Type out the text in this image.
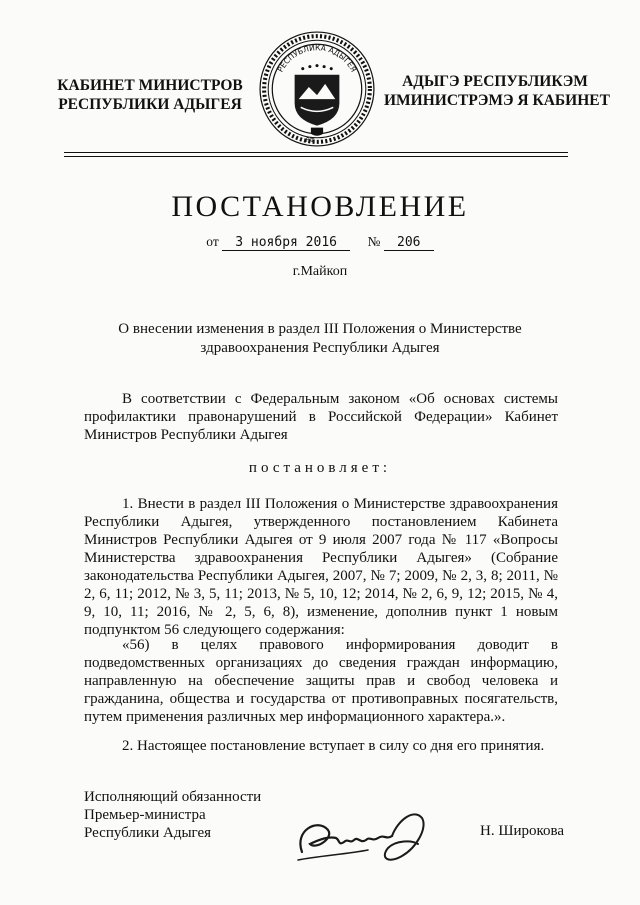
КАБИНЕТ МИНИСТРОВ
РЕСПУБЛИКИ АДЫГЕЯ
РЕСПУБЛИКА АДЫГЕЯ
РФ
АДЫГЭ РЕСПУБЛИКЭМ
ИМИНИСТРЭМЭ Я КАБИНЕТ
ПОСТАНОВЛЕНИЕ
от 3 ноября 2016 № 206
г.Майкоп
О внесении изменения в раздел III Положения о Министерстве здравоохранения Республики Адыгея
В соответствии с Федеральным законом «Об основах системы профилактики правонарушений в Российской Федерации» Кабинет Министров Республики Адыгея
постановляет:
1. Внести в раздел III Положения о Министерстве здравоохранения Республики Адыгея, утвержденного постановлением Кабинета Министров Республики Адыгея от 9 июля 2007 года № 117 «Вопросы Министерства здравоохранения Республики Адыгея» (Собрание законодательства Республики Адыгея, 2007, № 7; 2009, № 2, 3, 8; 2011, № 2, 6, 11; 2012, № 3, 5, 11; 2013, № 5, 10, 12; 2014, № 2, 6, 9, 12; 2015, № 4, 9, 10, 11; 2016, № 2, 5, 6, 8), изменение, дополнив пункт 1 новым подпунктом 56 следующего содержания:
«56) в целях правового информирования доводит в подведомственных организациях до сведения граждан информацию, направленную на обеспечение защиты прав и свобод человека и гражданина, общества и государства от противоправных посягательств, путем применения различных мер информационного характера.».
2. Настоящее постановление вступает в силу со дня его принятия.
Исполняющий обязанности
Премьер-министра
Республики Адыгея	Н. Широкова
